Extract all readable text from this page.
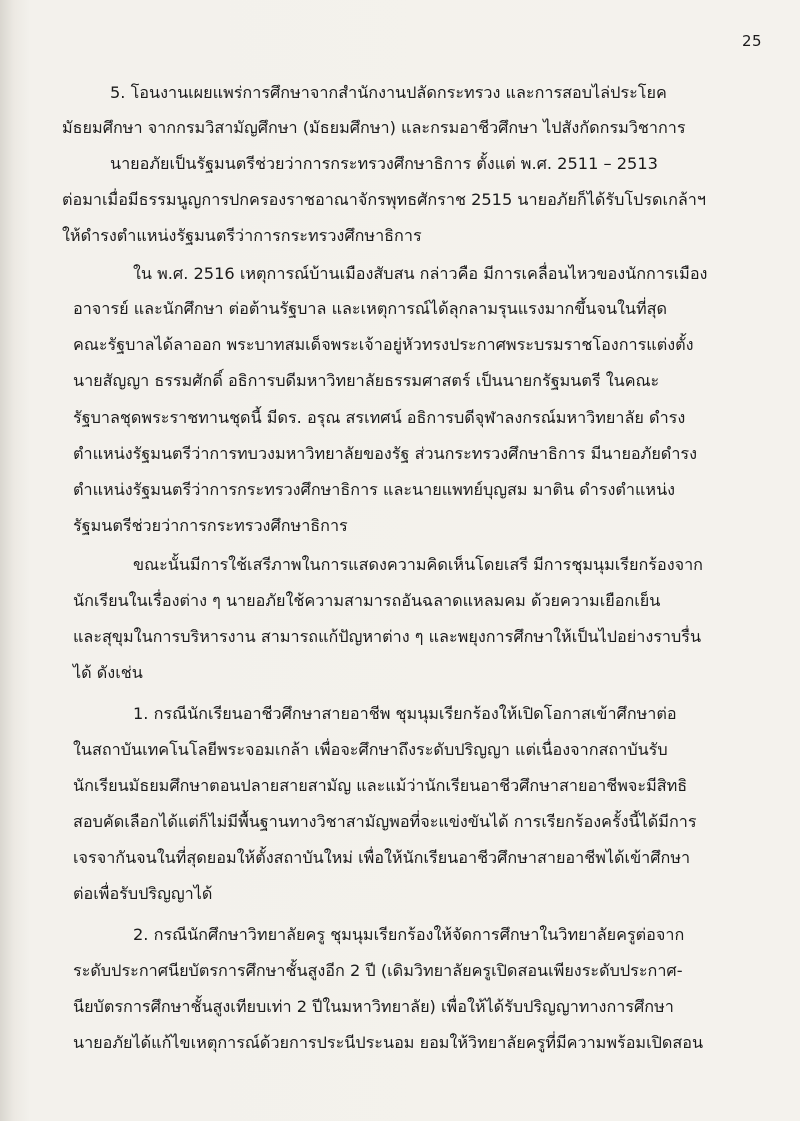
25
5. โอนงานเผยแพร่การศึกษาจากสำนักงานปลัดกระทรวง และการสอบไล่ประโยค
มัธยมศึกษา จากกรมวิสามัญศึกษา (มัธยมศึกษา) และกรมอาชีวศึกษา ไปสังกัดกรมวิชาการ
นายอภัยเป็นรัฐมนตรีช่วยว่าการกระทรวงศึกษาธิการ ตั้งแต่ พ.ศ. 2511 – 2513
ต่อมาเมื่อมีธรรมนูญการปกครองราชอาณาจักรพุทธศักราช 2515 นายอภัยก็ได้รับโปรดเกล้าฯ
ให้ดำรงตำแหน่งรัฐมนตรีว่าการกระทรวงศึกษาธิการ
ใน พ.ศ. 2516 เหตุการณ์บ้านเมืองสับสน กล่าวคือ มีการเคลื่อนไหวของนักการเมือง
อาจารย์ และนักศึกษา ต่อต้านรัฐบาล และเหตุการณ์ได้ลุกลามรุนแรงมากขึ้นจนในที่สุด
คณะรัฐบาลได้ลาออก พระบาทสมเด็จพระเจ้าอยู่หัวทรงประกาศพระบรมราชโองการแต่งตั้ง
นายสัญญา ธรรมศักดิ์ อธิการบดีมหาวิทยาลัยธรรมศาสตร์ เป็นนายกรัฐมนตรี ในคณะ
รัฐบาลชุดพระราชทานชุดนี้ มีดร. อรุณ สรเทศน์ อธิการบดีจุฬาลงกรณ์มหาวิทยาลัย ดำรง
ตำแหน่งรัฐมนตรีว่าการทบวงมหาวิทยาลัยของรัฐ ส่วนกระทรวงศึกษาธิการ มีนายอภัยดำรง
ตำแหน่งรัฐมนตรีว่าการกระทรวงศึกษาธิการ และนายแพทย์บุญสม มาติน ดำรงตำแหน่ง
รัฐมนตรีช่วยว่าการกระทรวงศึกษาธิการ
ขณะนั้นมีการใช้เสรีภาพในการแสดงความคิดเห็นโดยเสรี มีการชุมนุมเรียกร้องจาก
นักเรียนในเรื่องต่าง ๆ นายอภัยใช้ความสามารถอันฉลาดแหลมคม ด้วยความเยือกเย็น
และสุขุมในการบริหารงาน สามารถแก้ปัญหาต่าง ๆ และพยุงการศึกษาให้เป็นไปอย่างราบรื่น
ได้ ดังเช่น
1. กรณีนักเรียนอาชีวศึกษาสายอาชีพ ชุมนุมเรียกร้องให้เปิดโอกาสเข้าศึกษาต่อ
ในสถาบันเทคโนโลยีพระจอมเกล้า เพื่อจะศึกษาถึงระดับปริญญา แต่เนื่องจากสถาบันรับ
นักเรียนมัธยมศึกษาตอนปลายสายสามัญ และแม้ว่านักเรียนอาชีวศึกษาสายอาชีพจะมีสิทธิ
สอบคัดเลือกได้แต่ก็ไม่มีพื้นฐานทางวิชาสามัญพอที่จะแข่งขันได้ การเรียกร้องครั้งนี้ได้มีการ
เจรจากันจนในที่สุดยอมให้ตั้งสถาบันใหม่ เพื่อให้นักเรียนอาชีวศึกษาสายอาชีพได้เข้าศึกษา
ต่อเพื่อรับปริญญาได้
2. กรณีนักศึกษาวิทยาลัยครู ชุมนุมเรียกร้องให้จัดการศึกษาในวิทยาลัยครูต่อจาก
ระดับประกาศนียบัตรการศึกษาชั้นสูงอีก 2 ปี (เดิมวิทยาลัยครูเปิดสอนเพียงระดับประกาศ-
นียบัตรการศึกษาชั้นสูงเทียบเท่า 2 ปีในมหาวิทยาลัย) เพื่อให้ได้รับปริญญาทางการศึกษา
นายอภัยได้แก้ไขเหตุการณ์ด้วยการประนีประนอม ยอมให้วิทยาลัยครูที่มีความพร้อมเปิดสอน
